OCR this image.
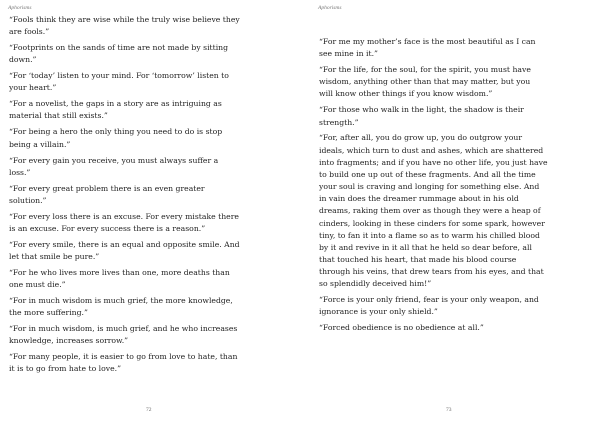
Aphorisms
“Fools think they are wise while the truly wise believe they
are fools.”
“Footprints on the sands of time are not made by sitting
down.”
“For ‘today’ listen to your mind. For ‘tomorrow’ listen to
your heart.”
“For a novelist, the gaps in a story are as intriguing as
material that still exists.”
“For being a hero the only thing you need to do is stop
being a villain.”
“For every gain you receive, you must always suffer a
loss.”
“For every great problem there is an even greater
solution.”
“For every loss there is an excuse. For every mistake there
is an excuse. For every success there is a reason.”
“For every smile, there is an equal and opposite smile. And
let that smile be pure.”
“For he who lives more lives than one, more deaths than
one must die.”
“For in much wisdom is much grief, the more knowledge,
the more suffering.”
“For in much wisdom, is much grief, and he who increases
knowledge, increases sorrow.”
“For many people, it is easier to go from love to hate, than
it is to go from hate to love.”
72
Aphorisms
“For me my mother’s face is the most beautiful as I can
see mine in it.”
“For the life, for the soul, for the spirit, you must have
wisdom, anything other than that may matter, but you
will know other things if you know wisdom.”
“For those who walk in the light, the shadow is their
strength.”
“For, after all, you do grow up, you do outgrow your
ideals, which turn to dust and ashes, which are shattered
into fragments; and if you have no other life, you just have
to build one up out of these fragments. And all the time
your soul is craving and longing for something else. And
in vain does the dreamer rummage about in his old
dreams, raking them over as though they were a heap of
cinders, looking in these cinders for some spark, however
tiny, to fan it into a flame so as to warm his chilled blood
by it and revive in it all that he held so dear before, all
that touched his heart, that made his blood course
through his veins, that drew tears from his eyes, and that
so splendidly deceived him!”
“Force is your only friend, fear is your only weapon, and
ignorance is your only shield.”
“Forced obedience is no obedience at all.”
73
